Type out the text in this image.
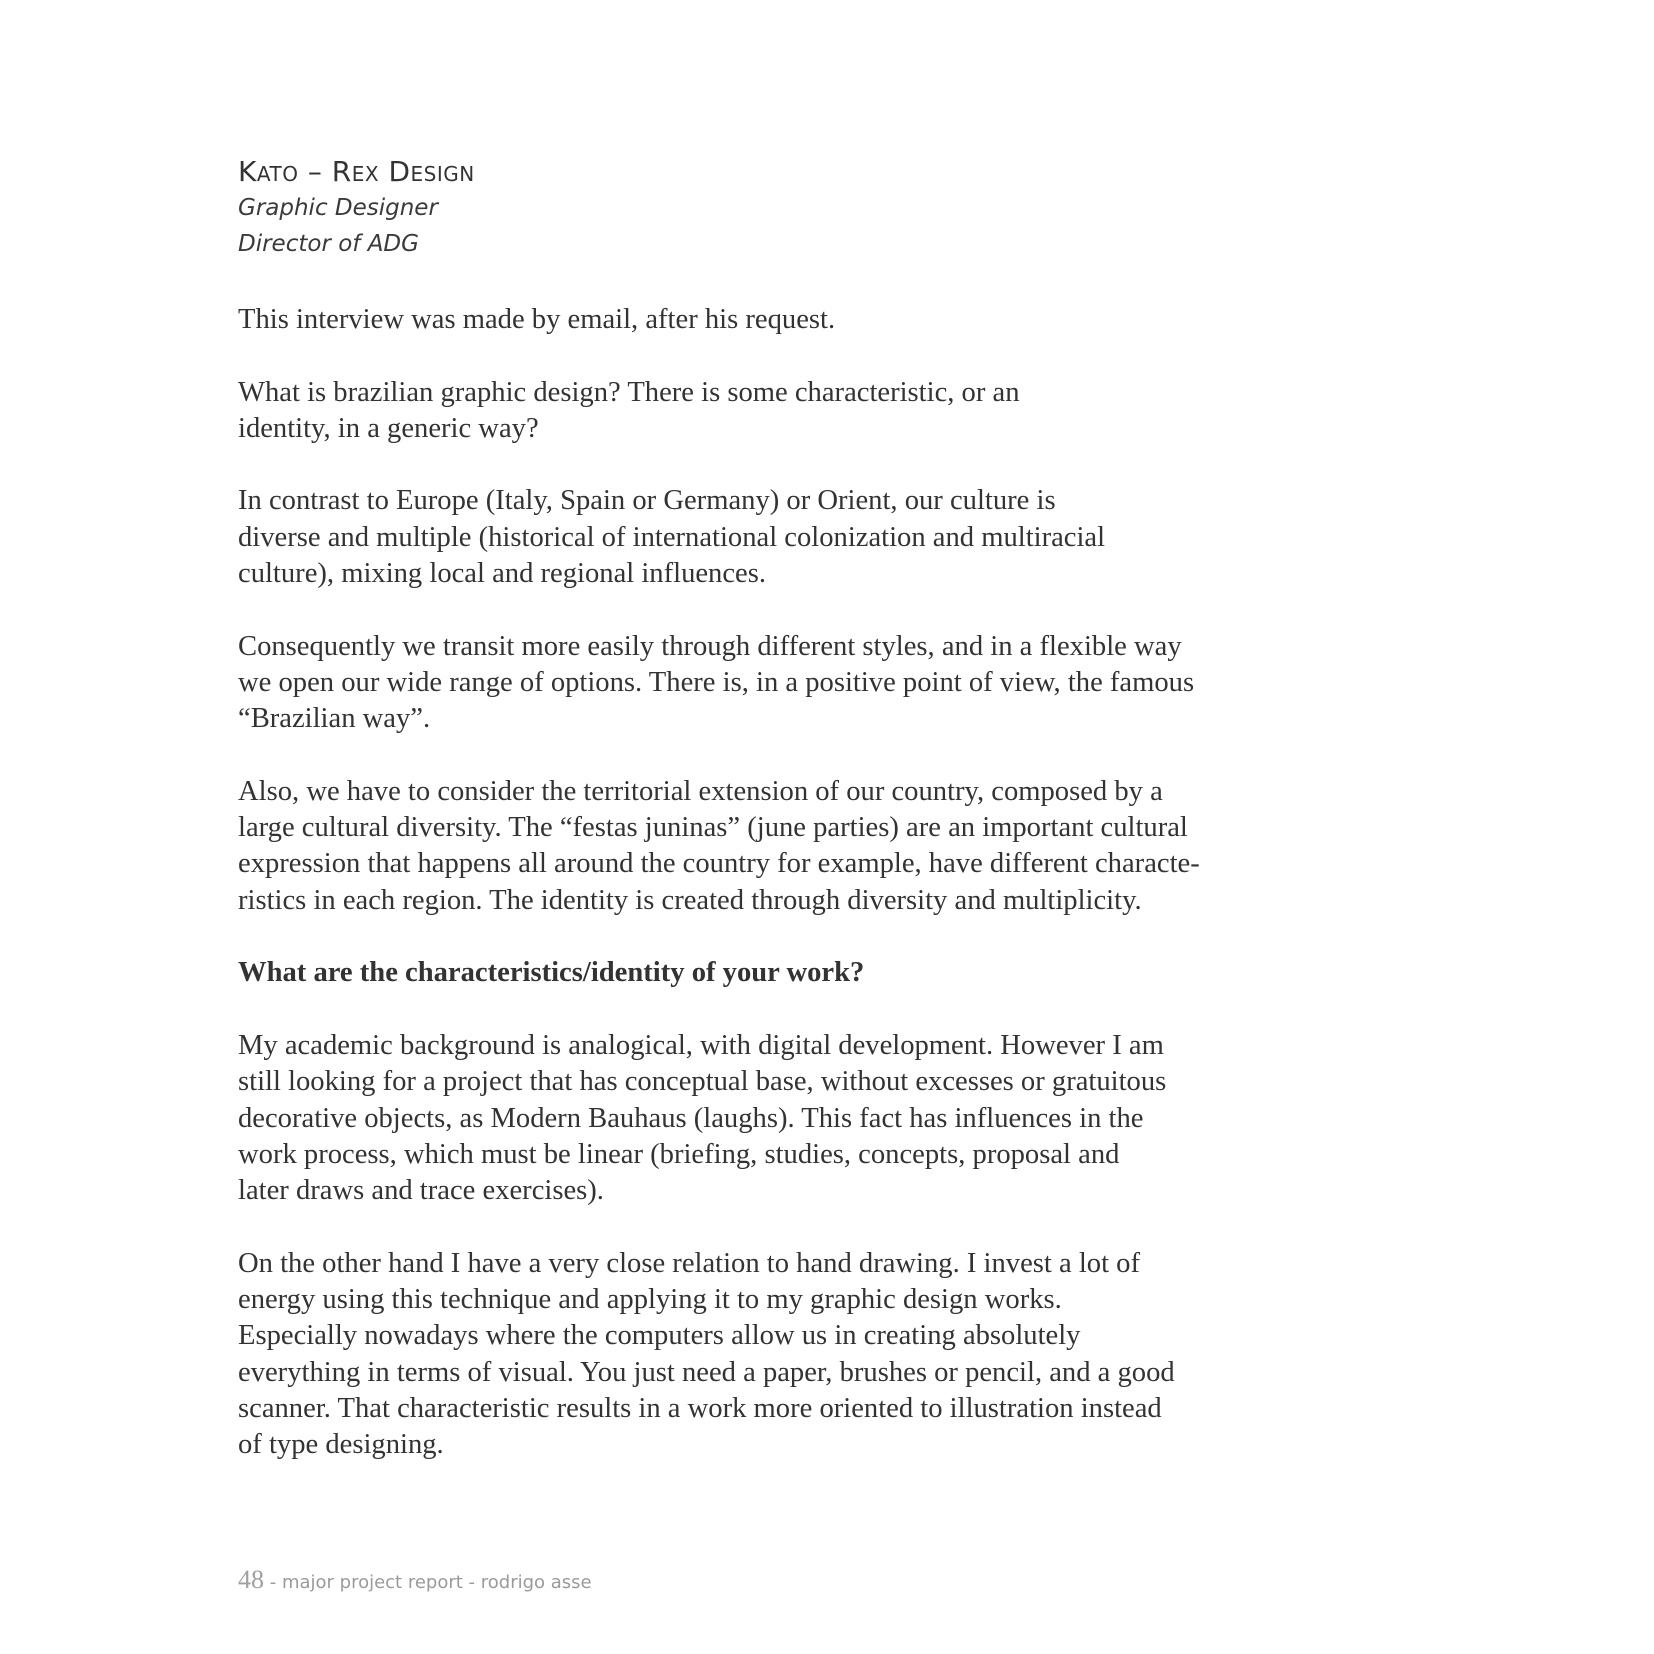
Kato – Rex Design

Graphic Designer

Director of ADG

This interview was made by email, after his request.

What is brazilian graphic design? There is some characteristic, or an identity, in a generic way?

In contrast to Europe (Italy, Spain or Germany) or Orient, our culture is diverse and multiple (historical of international colonization and multiracial culture), mixing local and regional influences.

Consequently we transit more easily through different styles, and in a flexible way we open our wide range of options. There is, in a positive point of view, the famous “Brazilian way”.

Also, we have to consider the territorial extension of our country, composed by a large cultural diversity. The “festas juninas” (june parties) are an important cultural expression that happens all around the country for example, have different characte-ristics in each region. The identity is created through diversity and multiplicity.

What are the characteristics/identity of your work?

My academic background is analogical, with digital development. However I am still looking for a project that has conceptual base, without excesses or gratuitous decorative objects, as Modern Bauhaus (laughs). This fact has influences in the work process, which must be linear (briefing, studies, concepts, proposal and later draws and trace exercises).

On the other hand I have a very close relation to hand drawing. I invest a lot of energy using this technique and applying it to my graphic design works. Especially nowadays where the computers allow us in creating absolutely everything in terms of visual. You just need a paper, brushes or pencil, and a good scanner. That characteristic results in a work more oriented to illustration instead of type designing.

48 - major project report - rodrigo asse
